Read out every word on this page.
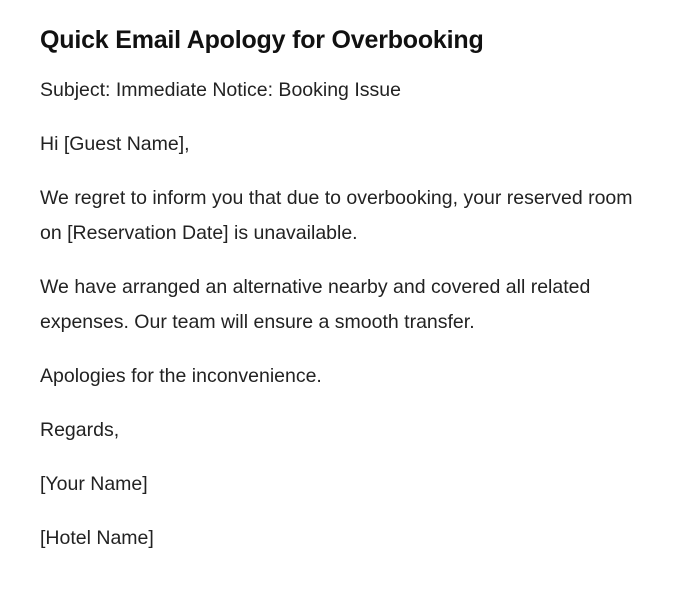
Quick Email Apology for Overbooking

Subject: Immediate Notice: Booking Issue

Hi [Guest Name],

We regret to inform you that due to overbooking, your reserved room on [Reservation Date] is unavailable.

We have arranged an alternative nearby and covered all related expenses. Our team will ensure a smooth transfer.

Apologies for the inconvenience.

Regards,

[Your Name]

[Hotel Name]
